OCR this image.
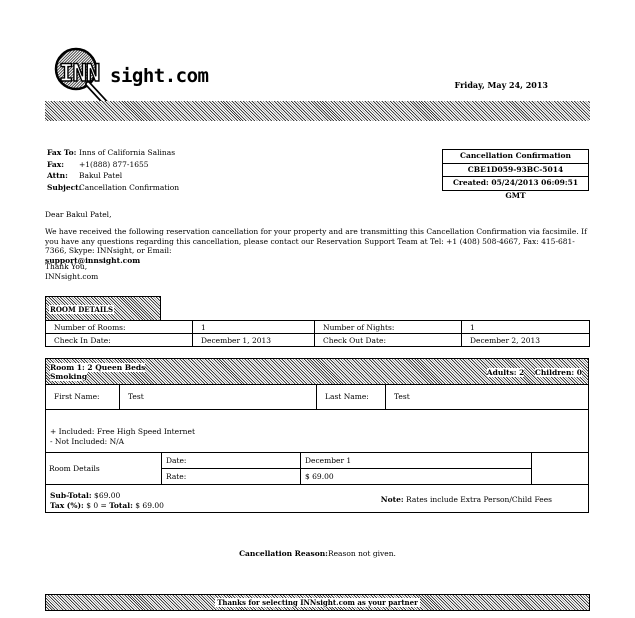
INN sight.com	Friday, May 24, 2013
Fax To: Inns of California Salinas
Fax:	+1(888) 877-1655
Attn:	Bakul Patel
Subject:
Cancellation Confirmation
Cancellation Confirmation
CBE1D059-93BC-5014
Created: 05/24/2013 06:09:51 GMT
Dear Bakul Patel,
We have received the following reservation cancellation for your property and are transmitting this Cancellation Confirmation via facsimile. If you have any questions regarding this cancellation, please contact our Reservation Support Team at Tel: +1 (408) 508-4667, Fax: 415-681-7366, Skype: INNsight, or Email:
support@innsight.com
Thank You,
INNsight.com
ROOM DETAILS
Number of Rooms:	1	Number of Nights:	1
Check In Date:	December 1, 2013	Check Out Date:	December 2, 2013
Room 1: 2 Queen Beds
Smoking	Adults: 2 Children: 0
First Name:	Test	Last Name:	Test
+ Included: Free High Speed Internet
- Not Included: N/A
Room Details	Date:	December 1	
	Rate:	$ 69.00	
Sub-Total: $69.00
Tax (%): $ 0 = Total: $ 69.00
Note: Rates include Extra Person/Child Fees
Cancellation Reason:Reason not given.
Thanks for selecting INNsight.com as your partner
